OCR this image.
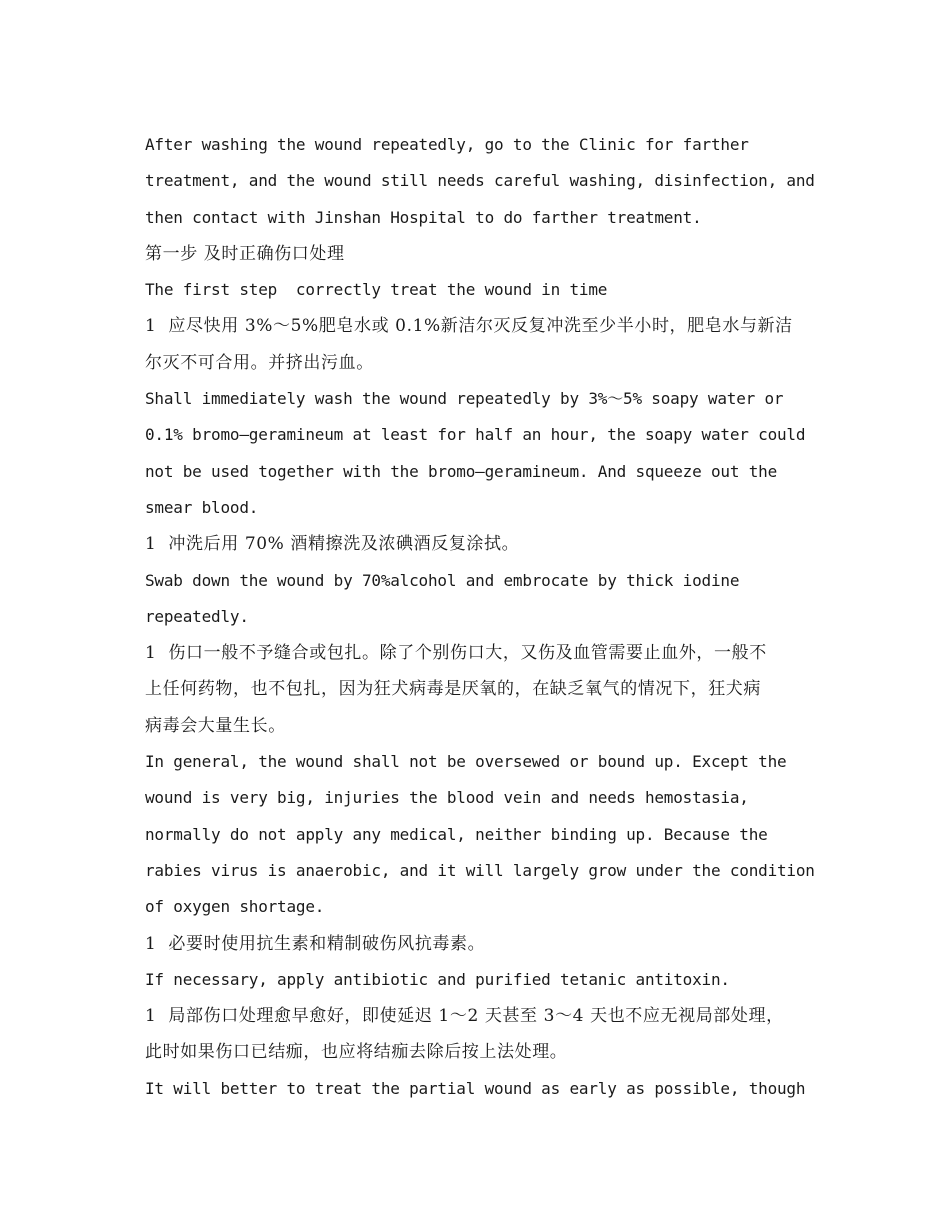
After washing the wound repeatedly, go to the Clinic for farther
treatment, and the wound still needs careful washing, disinfection, and
then contact with Jinshan Hospital to do farther treatment.
第一步 及时正确伤口处理
The first step  correctly treat the wound in time
1  应尽快用 3%～5%肥皂水或 0.1%新洁尔灭反复冲洗至少半小时，肥皂水与新洁
尔灭不可合用。并挤出污血。
Shall immediately wash the wound repeatedly by 3%～5% soapy water or
0.1% bromo—geramineum at least for half an hour, the soapy water could
not be used together with the bromo—geramineum. And squeeze out the
smear blood.
1  冲洗后用 70% 酒精擦洗及浓碘酒反复涂拭。
Swab down the wound by 70%alcohol and embrocate by thick iodine
repeatedly.
1  伤口一般不予缝合或包扎。除了个别伤口大，又伤及血管需要止血外，一般不
上任何药物，也不包扎，因为狂犬病毒是厌氧的，在缺乏氧气的情况下，狂犬病
病毒会大量生长。
In general, the wound shall not be oversewed or bound up. Except the
wound is very big, injuries the blood vein and needs hemostasia,
normally do not apply any medical, neither binding up. Because the
rabies virus is anaerobic, and it will largely grow under the condition
of oxygen shortage.
1  必要时使用抗生素和精制破伤风抗毒素。
If necessary, apply antibiotic and purified tetanic antitoxin.
1  局部伤口处理愈早愈好，即使延迟 1～2 天甚至 3～4 天也不应无视局部处理，
此时如果伤口已结痂，也应将结痂去除后按上法处理。
It will better to treat the partial wound as early as possible, though
